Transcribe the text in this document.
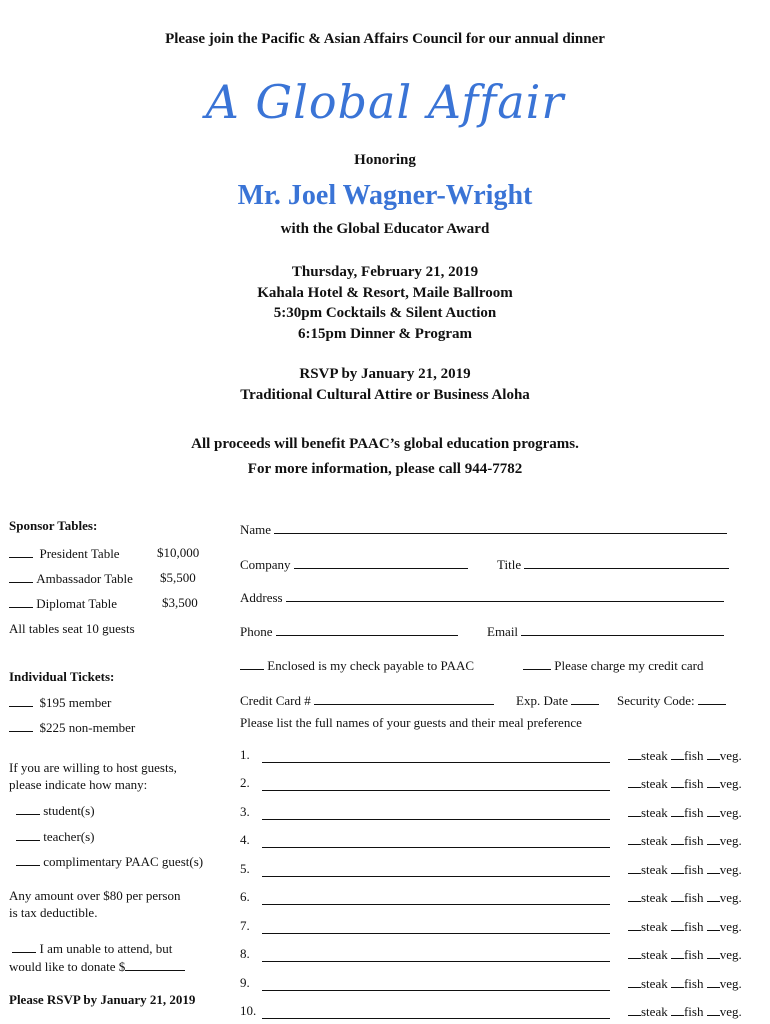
Please join the Pacific & Asian Affairs Council for our annual dinner
A Global Affair
Honoring
Mr. Joel Wagner-Wright
with the Global Educator Award
Thursday, February 21, 2019
Kahala Hotel & Resort, Maile Ballroom
5:30pm Cocktails & Silent Auction
6:15pm Dinner & Program
RSVP by January 21, 2019
Traditional Cultural Attire or Business Aloha
All proceeds will benefit PAAC’s global education programs.
For more information, please call 944-7782
Sponsor Tables:
President Table	$10,000
Ambassador Table $5,500
Diplomat Table	$3,500
All tables seat 10 guests
Individual Tickets:
$195 member
$225 non-member
If you are willing to host guests,
please indicate how many:
student(s)
teacher(s)
complimentary PAAC guest(s)
Any amount over $80 per person
is tax deductible.
I am unable to attend, but
would like to donate $
Please RSVP by January 21, 2019
Name
Company	Title
Address
Phone	Email
Enclosed is my check payable to PAAC	Please charge my credit card
Credit Card #	Exp. Date	Security Code:
Please list the full names of your guests and their meal preference
1.	steak fish veg.
2.	steak fish veg.
3.	steak fish veg.
4.	steak fish veg.
5.	steak fish veg.
6.	steak fish veg.
7.	steak fish veg.
8.	steak fish veg.
9.	steak fish veg.
10.	steak fish veg.
